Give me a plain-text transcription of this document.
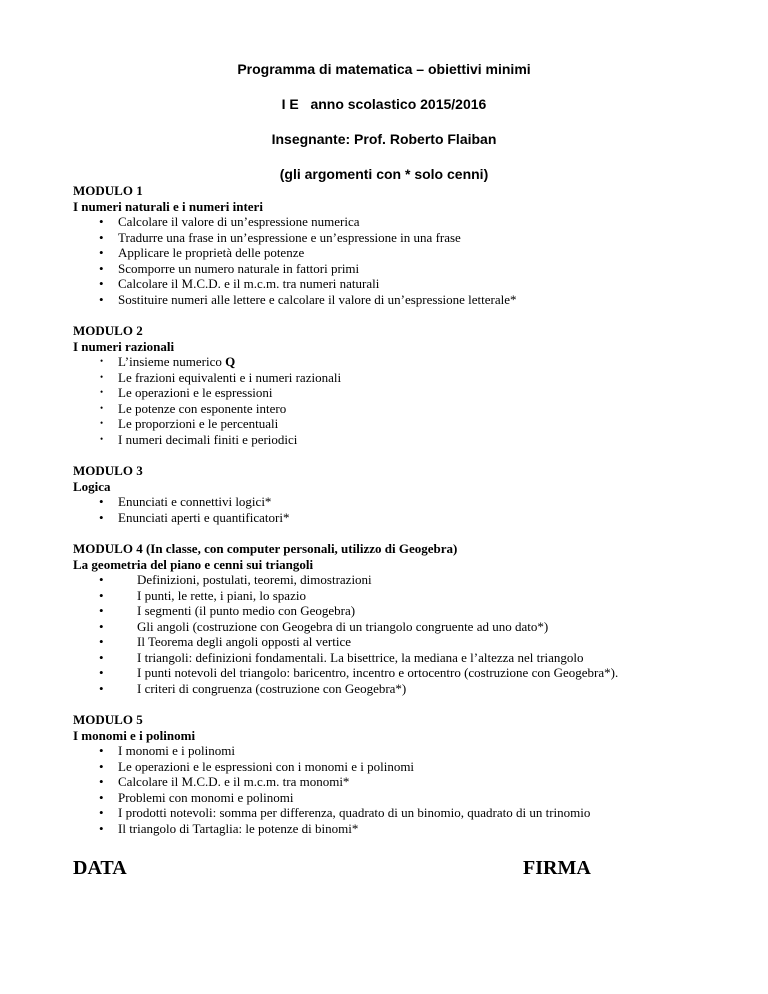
Programma di matematica – obiettivi minimi
I E   anno scolastico 2015/2016
Insegnante: Prof. Roberto Flaiban
(gli argomenti con * solo cenni)
MODULO 1
I numeri naturali e i numeri interi
• Calcolare il valore di un’espressione numerica
• Tradurre una frase in un’espressione e un’espressione in una frase
• Applicare le proprietà delle potenze
• Scomporre un numero naturale in fattori primi
• Calcolare il M.C.D. e il m.c.m. tra numeri naturali
• Sostituire numeri alle lettere e calcolare il valore di un’espressione letterale*
MODULO 2
I numeri razionali
• L’insieme numerico Q
• Le frazioni equivalenti e i numeri razionali
• Le operazioni e le espressioni
• Le potenze con esponente intero
• Le proporzioni e le percentuali
• I numeri decimali finiti e periodici
MODULO 3
Logica
• Enunciati e connettivi logici*
• Enunciati aperti e quantificatori*
MODULO 4 (In classe, con computer personali, utilizzo di Geogebra)
La geometria del piano e cenni sui triangoli
• Definizioni, postulati, teoremi, dimostrazioni
• I punti, le rette, i piani, lo spazio
• I segmenti (il punto medio con Geogebra)
• Gli angoli (costruzione con Geogebra di un triangolo congruente ad uno dato*)
• Il Teorema degli angoli opposti al vertice
• I triangoli: definizioni fondamentali. La bisettrice, la mediana e l’altezza nel triangolo
• I punti notevoli del triangolo: baricentro, incentro e ortocentro (costruzione con Geogebra*).
• I criteri di congruenza (costruzione con Geogebra*)
MODULO 5
I monomi e i polinomi
• I monomi e i polinomi
• Le operazioni e le espressioni con i monomi e i polinomi
• Calcolare il M.C.D. e il m.c.m. tra monomi*
• Problemi con monomi e polinomi
• I prodotti notevoli: somma per differenza, quadrato di un binomio, quadrato di un trinomio
• Il triangolo di Tartaglia: le potenze di binomi*
DATA	FIRMA
